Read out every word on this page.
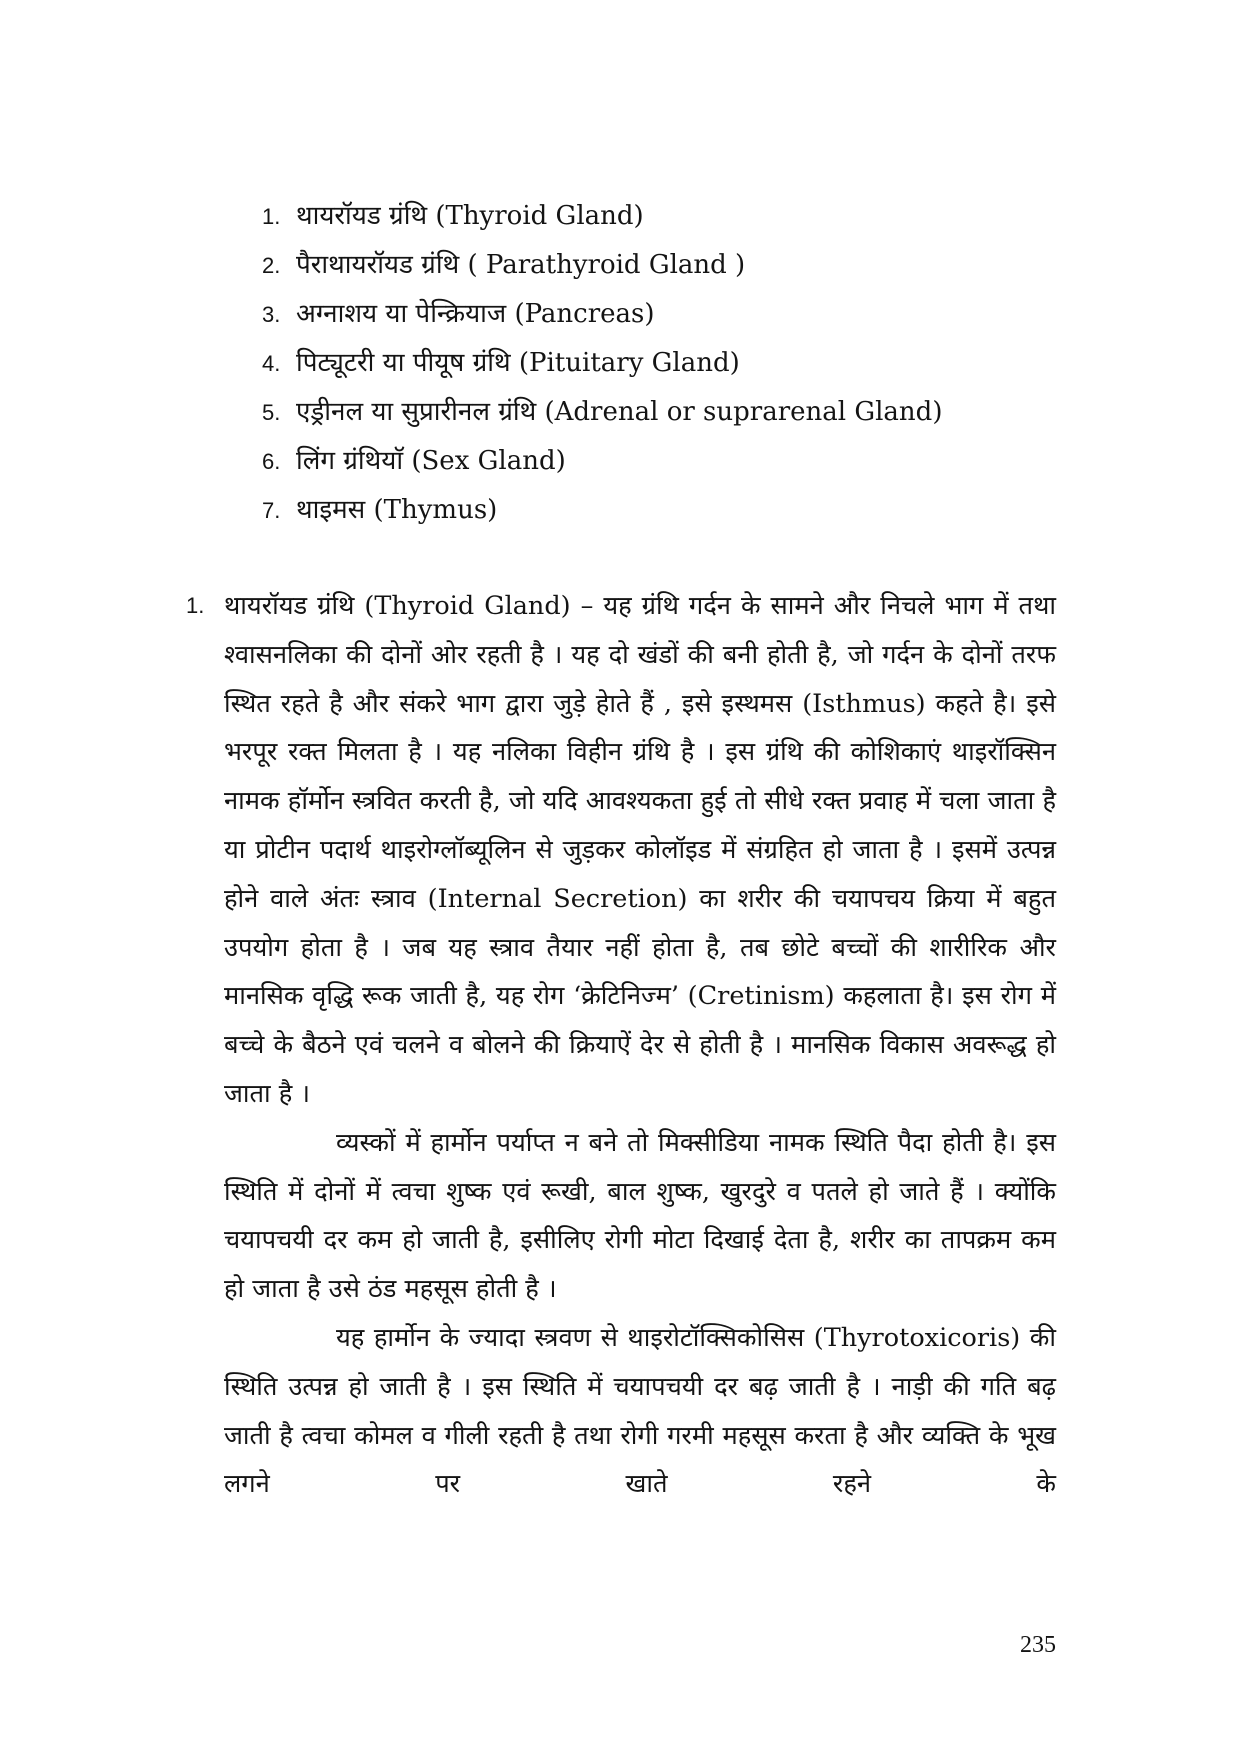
1. थायरॉयड ग्रंथि (Thyroid Gland)
2. पैराथायरॉयड ग्रंथि ( Parathyroid Gland )
3. अग्नाशय या पेन्क्रियाज (Pancreas)
4. पिट्यूटरी या पीयूष ग्रंथि (Pituitary Gland)
5. एड्रीनल या सुप्रारीनल ग्रंथि (Adrenal or suprarenal Gland)
6. लिंग ग्रंथियाॅ (Sex Gland)
7. थाइमस (Thymus)
1. थायरॉयड ग्रंथि (Thyroid Gland) – यह ग्रंथि गर्दन के सामने और निचले भाग में तथा श्वासनलिका की दोनों ओर रहती है । यह दो खंडों की बनी होती है, जो गर्दन के दोनों तरफ स्थित रहते है और संकरे भाग द्वारा जुड़े हेाते हैं , इसे इस्थमस (Isthmus) कहते है। इसे भरपूर रक्त मिलता है । यह नलिका विहीन ग्रंथि है । इस ग्रंथि की कोशिकाएं थाइरॉक्सिन नामक हॉर्मोन स्त्रवित करती है, जो यदि आवश्यकता हुई तो सीधे रक्त प्रवाह में चला जाता है या प्रोटीन पदार्थ थाइरोग्लॉब्यूलिन से जुड़कर कोलॉइड में संग्रहित हो जाता है । इसमें उत्पन्न होने वाले अंतः स्त्राव (Internal Secretion) का शरीर की चयापचय क्रिया में बहुत उपयोग होता है । जब यह स्त्राव तैयार नहीं होता है, तब छोटे बच्चों की शारीरिक और मानसिक वृद्धि रूक जाती है, यह रोग ‘क्रेटिनिज्म’ (Cretinism) कहलाता है। इस रोग में बच्चे के बैठने एवं चलने व बोलने की क्रियाऐं देर से होती है । मानसिक विकास अवरूद्ध हो जाता है ।

व्यस्कों में हार्मोन पर्याप्त न बने तो मिक्सीडिया नामक स्थिति पैदा होती है। इस स्थिति में दोनों में त्वचा शुष्क एवं रूखी, बाल शुष्क, खुरदुरे व पतले हो जाते हैं । क्योंकि चयापचयी दर कम हो जाती है, इसीलिए रोगी मोटा दिखाई देता है, शरीर का तापक्रम कम हो जाता है उसे ठंड महसूस होती है ।

यह हार्मोन के ज्यादा स्त्रवण से थाइरोटॉक्सिकोसिस (Thyrotoxicoris) की स्थिति उत्पन्न हो जाती है । इस स्थिति में चयापचयी दर बढ़ जाती है । नाड़ी की गति बढ़ जाती है त्वचा कोमल व गीली रहती है तथा रोगी गरमी महसूस करता है और व्यक्ति के भूख लगने पर खाते रहने के

235
